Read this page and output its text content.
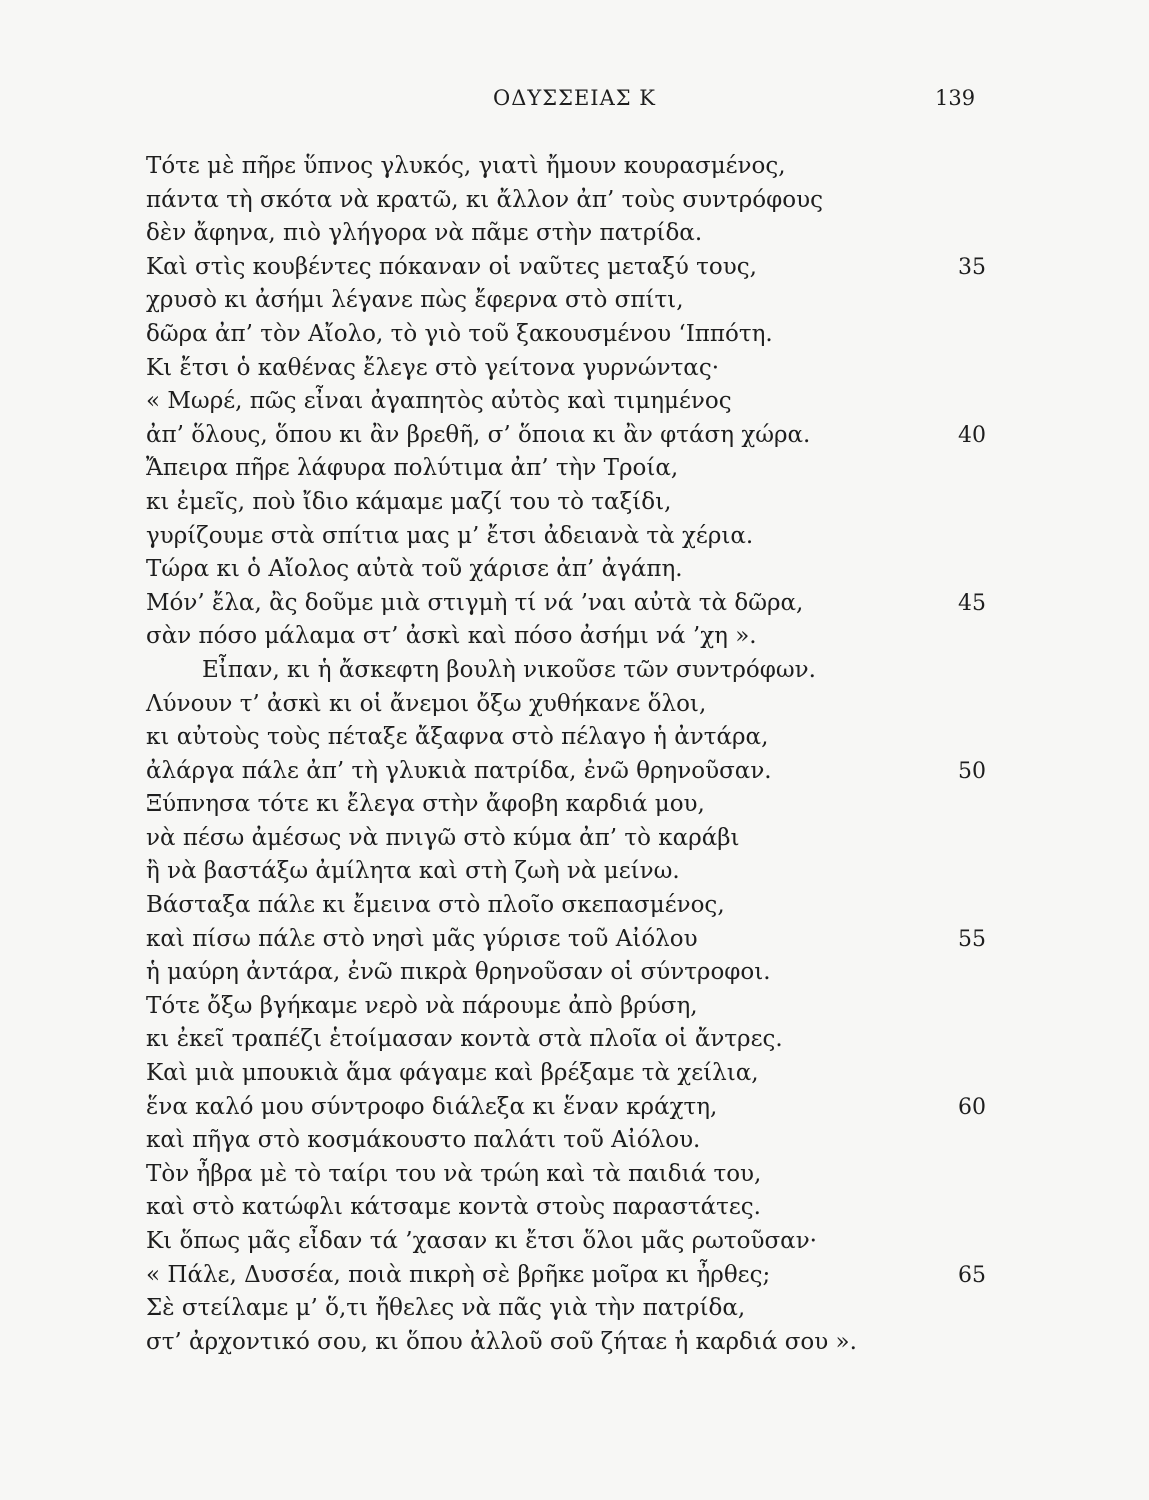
ΟΔΥΣΣΕΙΑΣ Κ	139
Τότε μὲ πῆρε ὕπνος γλυκός, γιατὶ ἤμουν κουρασμένος,
πάντα τὴ σκότα νὰ κρατῶ, κι ἄλλον ἀπ’ τοὺς συντρόφους
δὲν ἄφηνα, πιὸ γλήγορα νὰ πᾶμε στὴν πατρίδα.
Καὶ στὶς κουβέντες πόκαναν οἱ ναῦτες μεταξύ τους,	35
χρυσὸ κι ἀσήμι λέγανε πὼς ἔφερνα στὸ σπίτι,
δῶρα ἀπ’ τὸν Αἴολο, τὸ γιὸ τοῦ ξακουσμένου ‘Ιππότη.
Κι ἔτσι ὁ καθένας ἔλεγε στὸ γείτονα γυρνώντας·
« Μωρέ, πῶς εἶναι ἀγαπητὸς αὐτὸς καὶ τιμημένος
ἀπ’ ὅλους, ὅπου κι ἂν βρεθῆ, σ’ ὅποια κι ἂν φτάση χώρα.	40
Ἄπειρα πῆρε λάφυρα πολύτιμα ἀπ’ τὴν Τροία,
κι ἐμεῖς, ποὺ ἴδιο κάμαμε μαζί του τὸ ταξίδι,
γυρίζουμε στὰ σπίτια μας μ’ ἔτσι ἀδειανὰ τὰ χέρια.
Τώρα κι ὁ Αἴολος αὐτὰ τοῦ χάρισε ἀπ’ ἀγάπη.
Μόν’ ἔλα, ἂς δοῦμε μιὰ στιγμὴ τί νά ’ναι αὐτὰ τὰ δῶρα,	45
σὰν πόσο μάλαμα στ’ ἀσκὶ καὶ πόσο ἀσήμι νά ’χη ».
Εἶπαν, κι ἡ ἄσκεφτη βουλὴ νικοῦσε τῶν συντρόφων.
Λύνουν τ’ ἀσκὶ κι οἱ ἄνεμοι ὄξω χυθήκανε ὅλοι,
κι αὐτοὺς τοὺς πέταξε ἄξαφνα στὸ πέλαγο ἡ ἀντάρα,
ἀλάργα πάλε ἀπ’ τὴ γλυκιὰ πατρίδα, ἐνῶ θρηνοῦσαν.	50
Ξύπνησα τότε κι ἔλεγα στὴν ἄφοβη καρδιά μου,
νὰ πέσω ἀμέσως νὰ πνιγῶ στὸ κύμα ἀπ’ τὸ καράβι
ἢ νὰ βαστάξω ἀμίλητα καὶ στὴ ζωὴ νὰ μείνω.
Βάσταξα πάλε κι ἔμεινα στὸ πλοῖο σκεπασμένος,
καὶ πίσω πάλε στὸ νησὶ μᾶς γύρισε τοῦ Αἰόλου	55
ἡ μαύρη ἀντάρα, ἐνῶ πικρὰ θρηνοῦσαν οἱ σύντροφοι.
Τότε ὄξω βγήκαμε νερὸ νὰ πάρουμε ἀπὸ βρύση,
κι ἐκεῖ τραπέζι ἑτοίμασαν κοντὰ στὰ πλοῖα οἱ ἄντρες.
Καὶ μιὰ μπουκιὰ ἅμα φάγαμε καὶ βρέξαμε τὰ χείλια,
ἕνα καλό μου σύντροφο διάλεξα κι ἕναν κράχτη,	60
καὶ πῆγα στὸ κοσμάκουστο παλάτι τοῦ Αἰόλου.
Τὸν ἦβρα μὲ τὸ ταίρι του νὰ τρώη καὶ τὰ παιδιά του,
καὶ στὸ κατώφλι κάτσαμε κοντὰ στοὺς παραστάτες.
Κι ὅπως μᾶς εἶδαν τά ’χασαν κι ἔτσι ὅλοι μᾶς ρωτοῦσαν·
« Πάλε, Δυσσέα, ποιὰ πικρὴ σὲ βρῆκε μοῖρα κι ἦρθες;	65
Σὲ στείλαμε μ’ ὅ,τι ἤθελες νὰ πᾶς γιὰ τὴν πατρίδα,
στ’ ἀρχοντικό σου, κι ὅπου ἀλλοῦ σοῦ ζήταε ἡ καρδιά σου ».
